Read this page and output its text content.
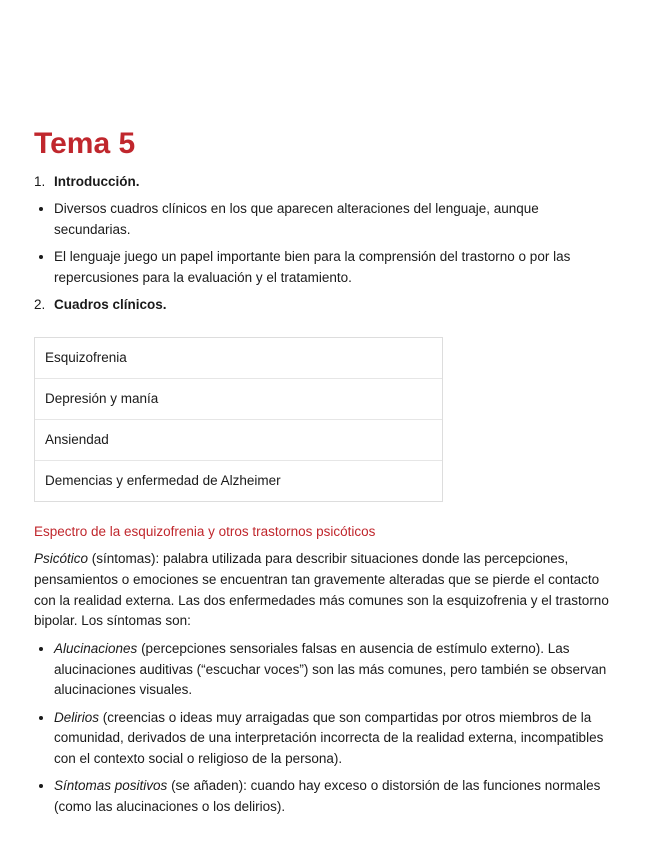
Tema 5
1. Introducción.
Diversos cuadros clínicos en los que aparecen alteraciones del lenguaje, aunque secundarias.
El lenguaje juego un papel importante bien para la comprensión del trastorno o por las repercusiones para la evaluación y el tratamiento.
2. Cuadros clínicos.
Esquizofrenia
Depresión y manía
Ansiendad
Demencias y enfermedad de Alzheimer
Espectro de la esquizofrenia y otros trastornos psicóticos

Psicótico (síntomas): palabra utilizada para describir situaciones donde las percepciones, pensamientos o emociones se encuentran tan gravemente alteradas que se pierde el contacto con la realidad externa. Las dos enfermedades más comunes son la esquizofrenia y el trastorno bipolar. Los síntomas son:

Alucinaciones (percepciones sensoriales falsas en ausencia de estímulo externo). Las alucinaciones auditivas (“escuchar voces”) son las más comunes, pero también se observan alucinaciones visuales.
Delirios (creencias o ideas muy arraigadas que son compartidas por otros miembros de la comunidad, derivados de una interpretación incorrecta de la realidad externa, incompatibles con el contexto social o religioso de la persona).
Síntomas positivos (se añaden): cuando hay exceso o distorsión de las funciones normales (como las alucinaciones o los delirios).
